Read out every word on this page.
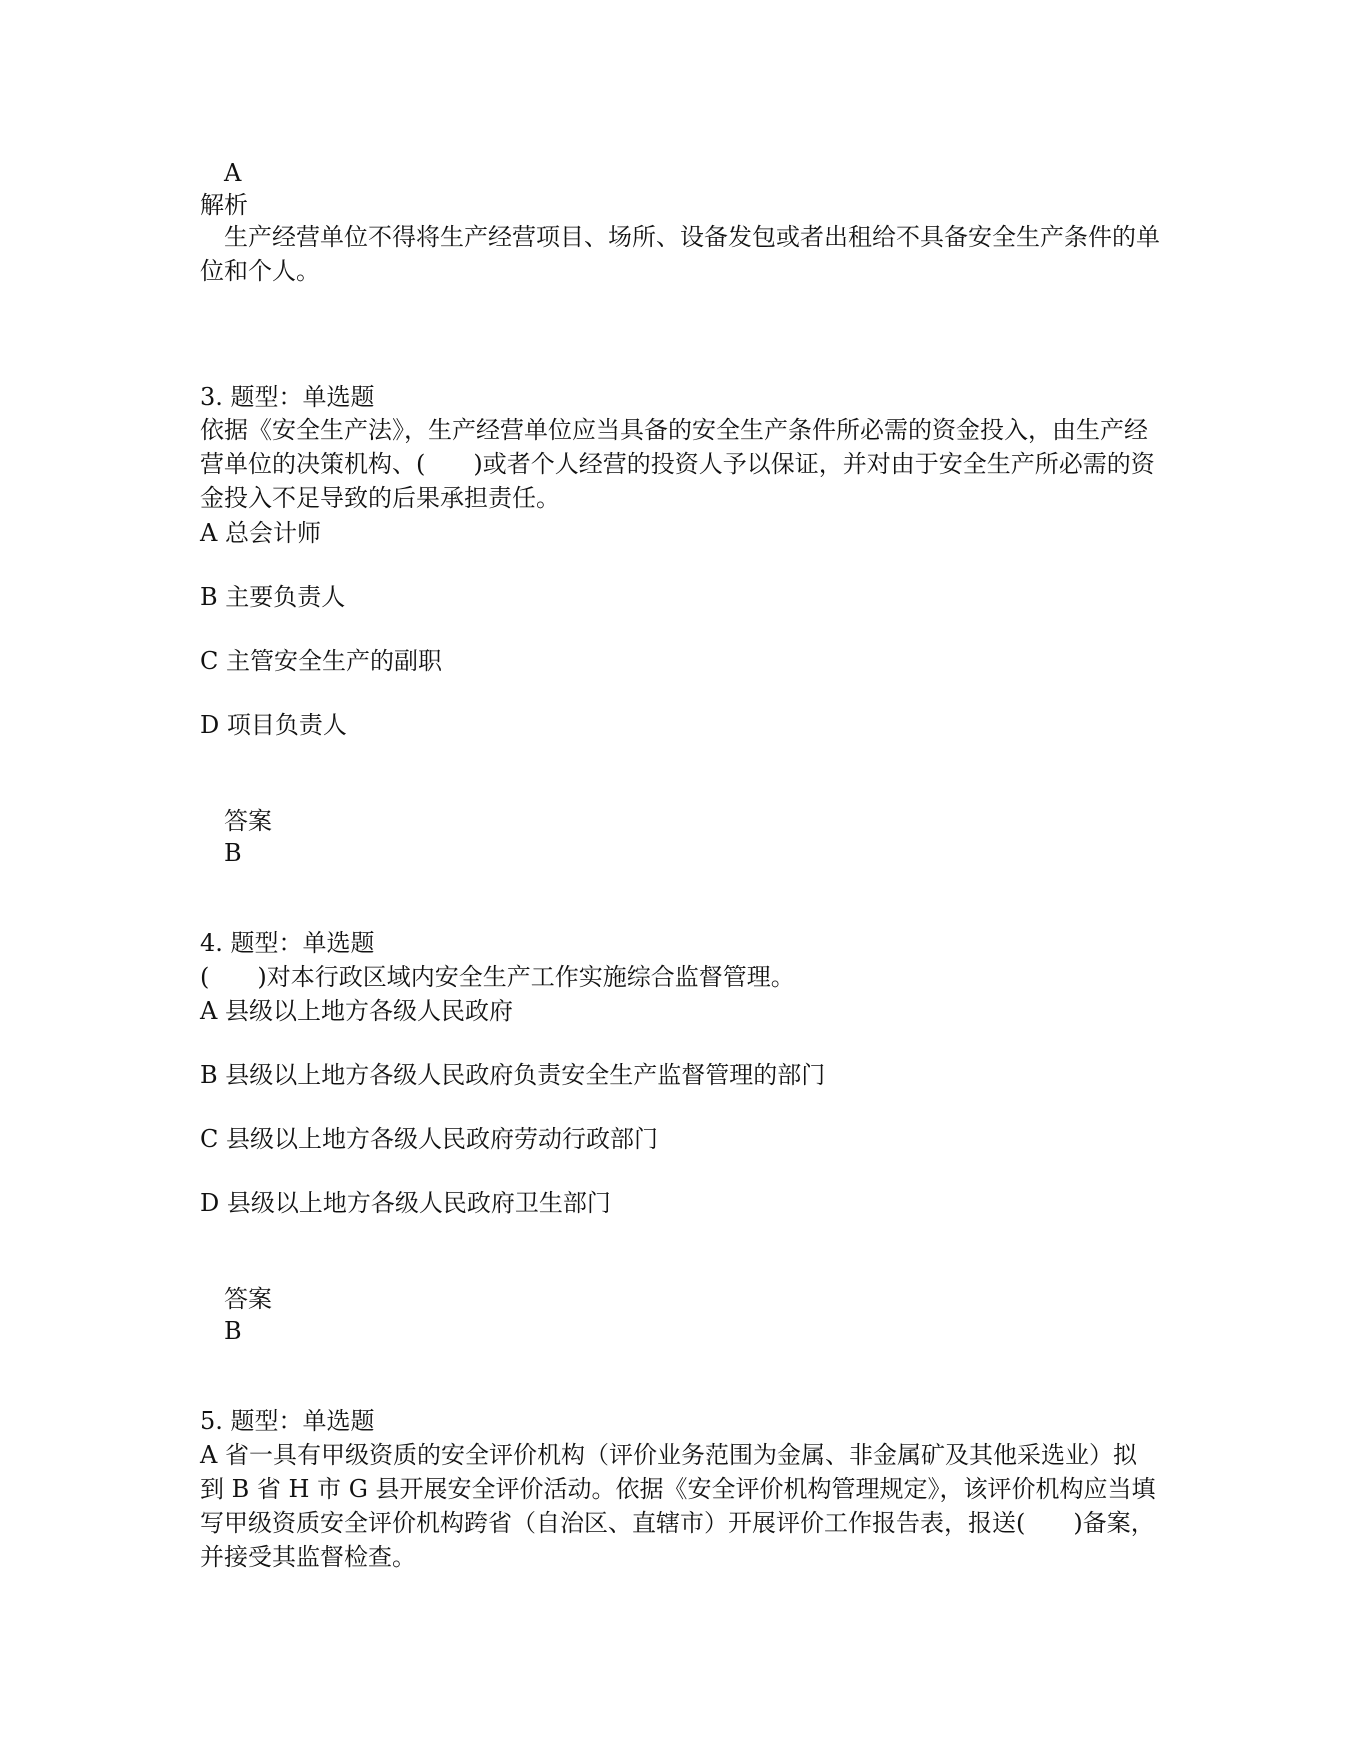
A
解析
生产经营单位不得将生产经营项目、场所、设备发包或者出租给不具备安全生产条件的单位和个人。
3. 题型：单选题
依据《安全生产法》，生产经营单位应当具备的安全生产条件所必需的资金投入，由生产经营单位的决策机构、(　　)或者个人经营的投资人予以保证，并对由于安全生产所必需的资金投入不足导致的后果承担责任。
A 总会计师
B 主要负责人
C 主管安全生产的副职
D 项目负责人
答案
B
4. 题型：单选题
(　　)对本行政区域内安全生产工作实施综合监督管理。
A 县级以上地方各级人民政府
B 县级以上地方各级人民政府负责安全生产监督管理的部门
C 县级以上地方各级人民政府劳动行政部门
D 县级以上地方各级人民政府卫生部门
答案
B
5. 题型：单选题
A 省一具有甲级资质的安全评价机构（评价业务范围为金属、非金属矿及其他采选业）拟到 B 省 H 市 G 县开展安全评价活动。依据《安全评价机构管理规定》，该评价机构应当填写甲级资质安全评价机构跨省（自治区、直辖市）开展评价工作报告表，报送(　　)备案，并接受其监督检查。
